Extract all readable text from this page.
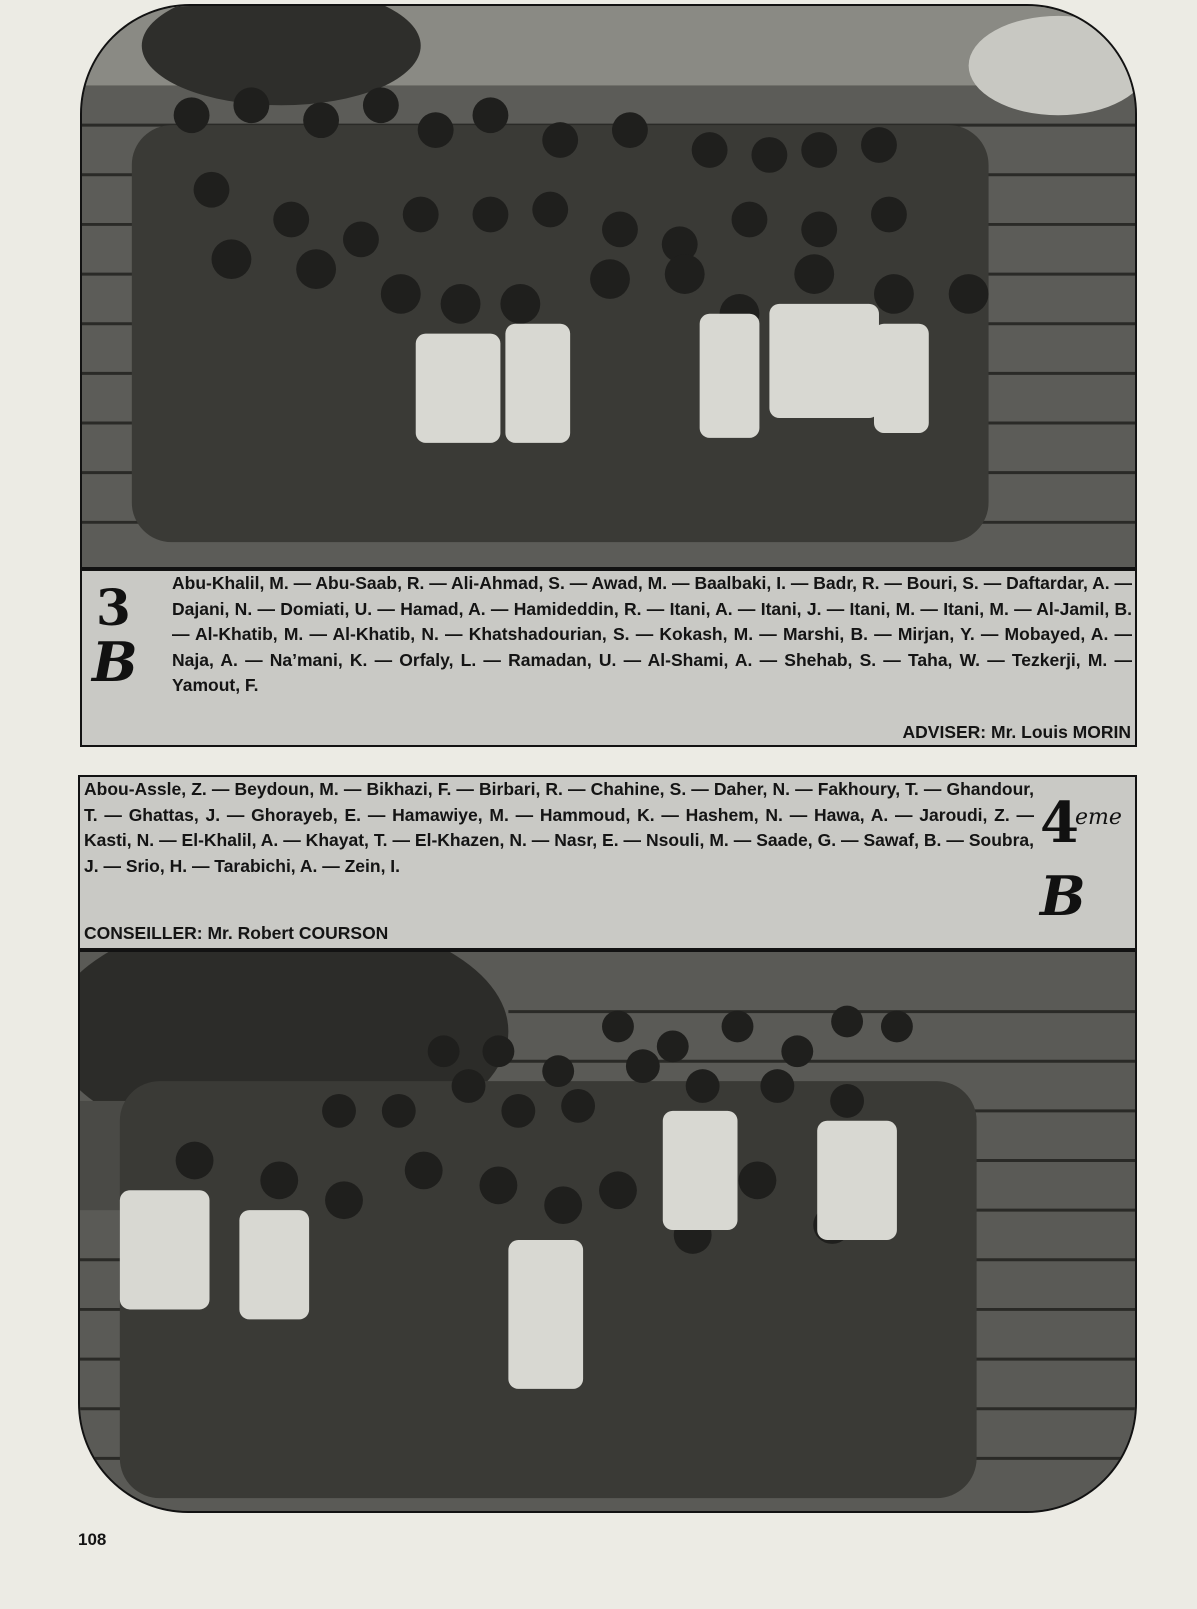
3
B

Abu-Khalil, M. — Abu-Saab, R. — Ali-Ahmad, S. — Awad, M. — Baalbaki, I. — Badr, R. — Bouri, S. — Daftardar, A. — Dajani, N. — Domiati, U. — Hamad, A. — Hamideddin, R. — Itani, A. — Itani, J. — Itani, M. — Itani, M. — Al-Jamil, B. — Al-Khatib, M. — Al-Khatib, N. — Khatshadourian, S. — Kokash, M. — Marshi, B. — Mirjan, Y. — Mobayed, A. — Naja, A. — Na’mani, K. — Orfaly, L. — Ramadan, U. — Al-Shami, A. — Shehab, S. — Taha, W. — Tezkerji, M. — Yamout, F.

ADVISER: Mr. Louis MORIN

Abou-Assle, Z. — Beydoun, M. — Bikhazi, F. — Birbari, R. — Chahine, S. — Daher, N. — Fakhoury, T. — Ghandour, T. — Ghattas, J. — Ghorayeb, E. — Hamawiye, M. — Hammoud, K. — Hashem, N. — Hawa, A. — Jaroudi, Z. — Kasti, N. — El-Khalil, A. — Khayat, T. — El-Khazen, N. — Nasr, E. — Nsouli, M. — Saade, G. — Sawaf, B. — Soubra, J. — Srio, H. — Tarabichi, A. — Zein, I.

4
eme
B

CONSEILLER: Mr. Robert COURSON

108
